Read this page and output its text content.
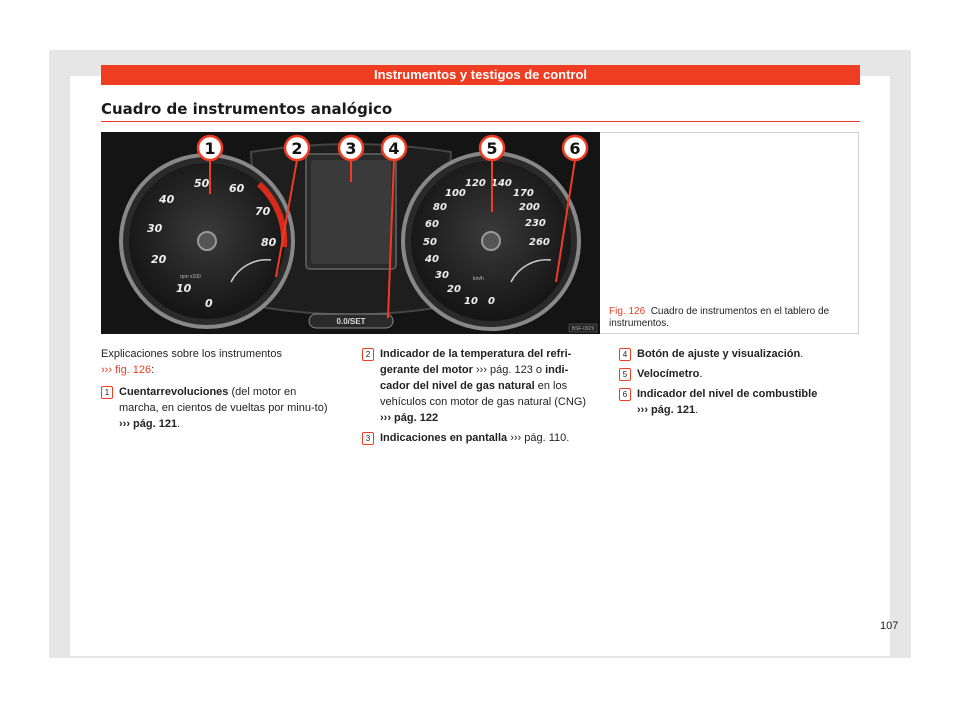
Instrumentos y testigos de control
Cuadro de instrumentos analógico
0.0/SET
10
20
30
40
50 60
70
80
0
rpm x100
10
20
30
40
50
60
80
100
120 140
170
200
230
260
0
km/h
1	2	3 4	5	6
BSF-0929
Fig. 126 Cuadro de instrumentos en el tablero de instrumentos.
Explicaciones sobre los instrumentos
››› fig. 126:
1 Cuentarrevoluciones (del motor en marcha, en cientos de vueltas por minu-to) ››› pág. 121.
2 Indicador de la temperatura del refri-gerante del motor ››› pág. 123 o indi-cador del nivel de gas natural en los vehículos con motor de gas natural (CNG) ››› pág. 122
3 Indicaciones en pantalla ››› pág. 110.
4 Botón de ajuste y visualización.
5 Velocímetro.
6 Indicador del nivel de combustible
››› pág. 121.
107
